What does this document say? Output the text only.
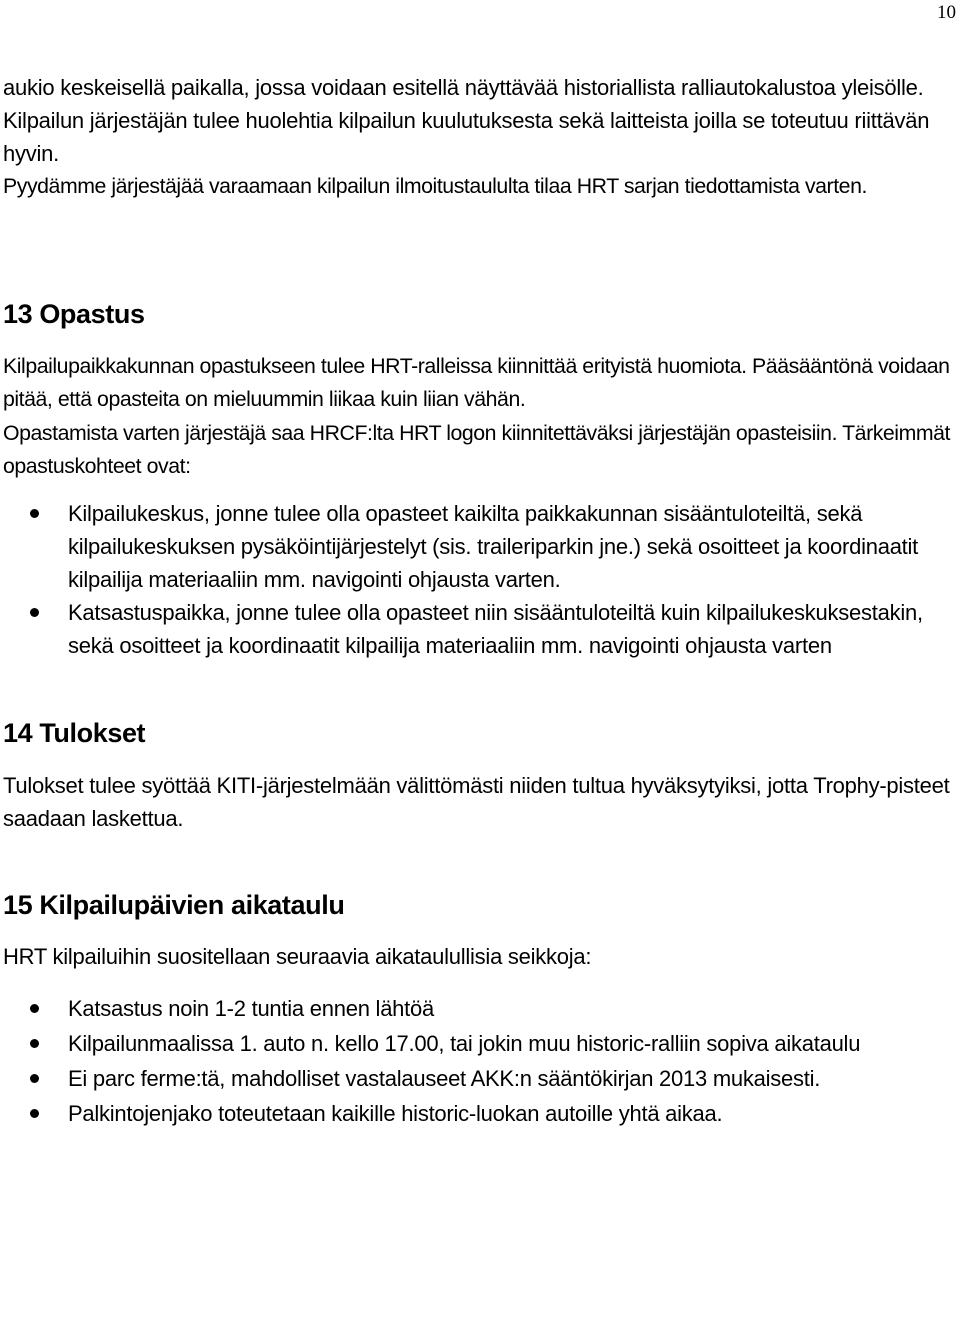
10

aukio keskeisellä paikalla, jossa voidaan esitellä näyttävää historiallista ralliautokalustoa yleisölle.

Kilpailun järjestäjän tulee huolehtia kilpailun kuulutuksesta sekä laitteista joilla se toteutuu riittävän hyvin.

Pyydämme järjestäjää varaamaan kilpailun ilmoitustaululta tilaa HRT sarjan tiedottamista varten.

13 Opastus

Kilpailupaikkakunnan opastukseen tulee HRT-ralleissa kiinnittää erityistä huomiota. Pääsääntönä voidaan pitää, että opasteita on mieluummin liikaa kuin liian vähän.

Opastamista varten järjestäjä saa HRCF:lta HRT logon kiinnitettäväksi järjestäjän opasteisiin. Tärkeimmät opastuskohteet ovat:

Kilpailukeskus, jonne tulee olla opasteet kaikilta paikkakunnan sisääntuloteiltä, sekä kilpailukeskuksen pysäköintijärjestelyt (sis. traileriparkin jne.) sekä osoitteet ja koordinaatit kilpailija materiaaliin mm. navigointi ohjausta varten.
Katsastuspaikka, jonne tulee olla opasteet niin sisääntuloteiltä kuin kilpailukeskuksestakin, sekä osoitteet ja koordinaatit kilpailija materiaaliin mm. navigointi ohjausta varten
14 Tulokset

Tulokset tulee syöttää KITI-järjestelmään välittömästi niiden tultua hyväksytyiksi, jotta Trophy-pisteet saadaan laskettua.

15 Kilpailupäivien aikataulu

HRT kilpailuihin suositellaan seuraavia aikataulullisia seikkoja:

Katsastus noin 1-2 tuntia ennen lähtöä
Kilpailunmaalissa 1. auto n. kello 17.00, tai jokin muu historic-ralliin sopiva aikataulu
Ei parc ferme:tä, mahdolliset vastalauseet AKK:n sääntökirjan 2013 mukaisesti.
Palkintojenjako toteutetaan kaikille historic-luokan autoille yhtä aikaa.
